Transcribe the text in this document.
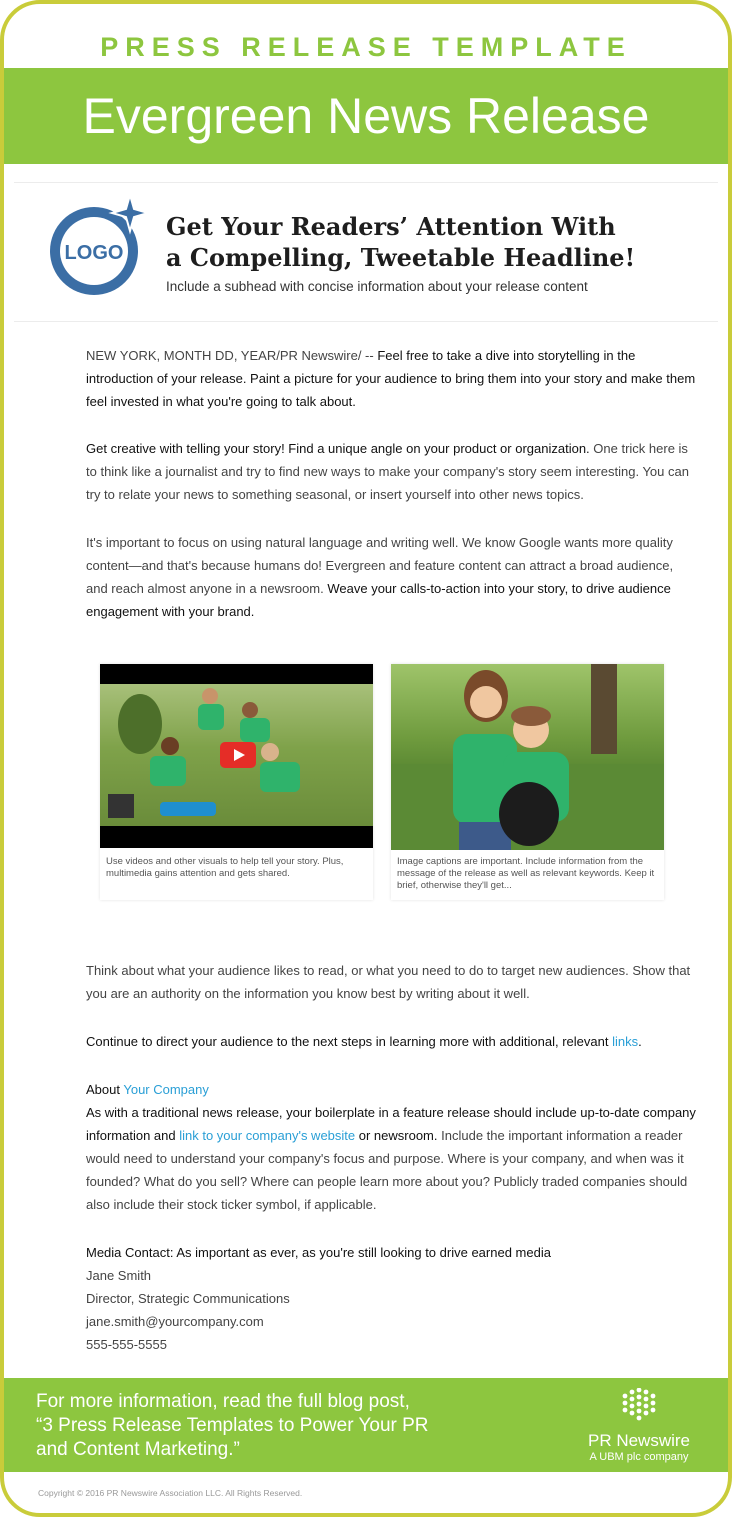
PRESS RELEASE TEMPLATE
Evergreen News Release
LOGO
Get Your Readers’ Attention With
a Compelling, Tweetable Headline!
Include a subhead with concise information about your release content
NEW YORK, MONTH DD, YEAR/PR Newswire/ -- Feel free to take a dive into storytelling in the introduction of your release. Paint a picture for your audience to bring them into your story and make them feel invested in what you're going to talk about.
Get creative with telling your story! Find a unique angle on your product or organization. One trick here is to think like a journalist and try to find new ways to make your company's story seem interesting. You can try to relate your news to something seasonal, or insert yourself into other news topics.
It's important to focus on using natural language and writing well. We know Google wants more quality content—and that's because humans do! Evergreen and feature content can attract a broad audience, and reach almost anyone in a newsroom. Weave your calls-to-action into your story, to drive audience engagement with your brand.
Use videos and other visuals to help tell your story. Plus, multimedia gains attention and gets shared.
Image captions are important. Include information from the message of the release as well as relevant keywords. Keep it brief, otherwise they'll get...
Think about what your audience likes to read, or what you need to do to target new audiences. Show that you are an authority on the information you know best by writing about it well.
Continue to direct your audience to the next steps in learning more with additional, relevant links.
About Your Company
As with a traditional news release, your boilerplate in a feature release should include up-to-date company information and link to your company's website or newsroom. Include the important information a reader would need to understand your company's focus and purpose. Where is your company, and when was it founded? What do you sell? Where can people learn more about you? Publicly traded companies should also include their stock ticker symbol, if applicable.
Media Contact: As important as ever, as you're still looking to drive earned media
Jane Smith
Director, Strategic Communications
jane.smith@yourcompany.com
555-555-5555
For more information, read the full blog post,
“3 Press Release Templates to Power Your PR
and Content Marketing.”	PR Newswire
A UBM plc company
Copyright © 2016 PR Newswire Association LLC. All Rights Reserved.
